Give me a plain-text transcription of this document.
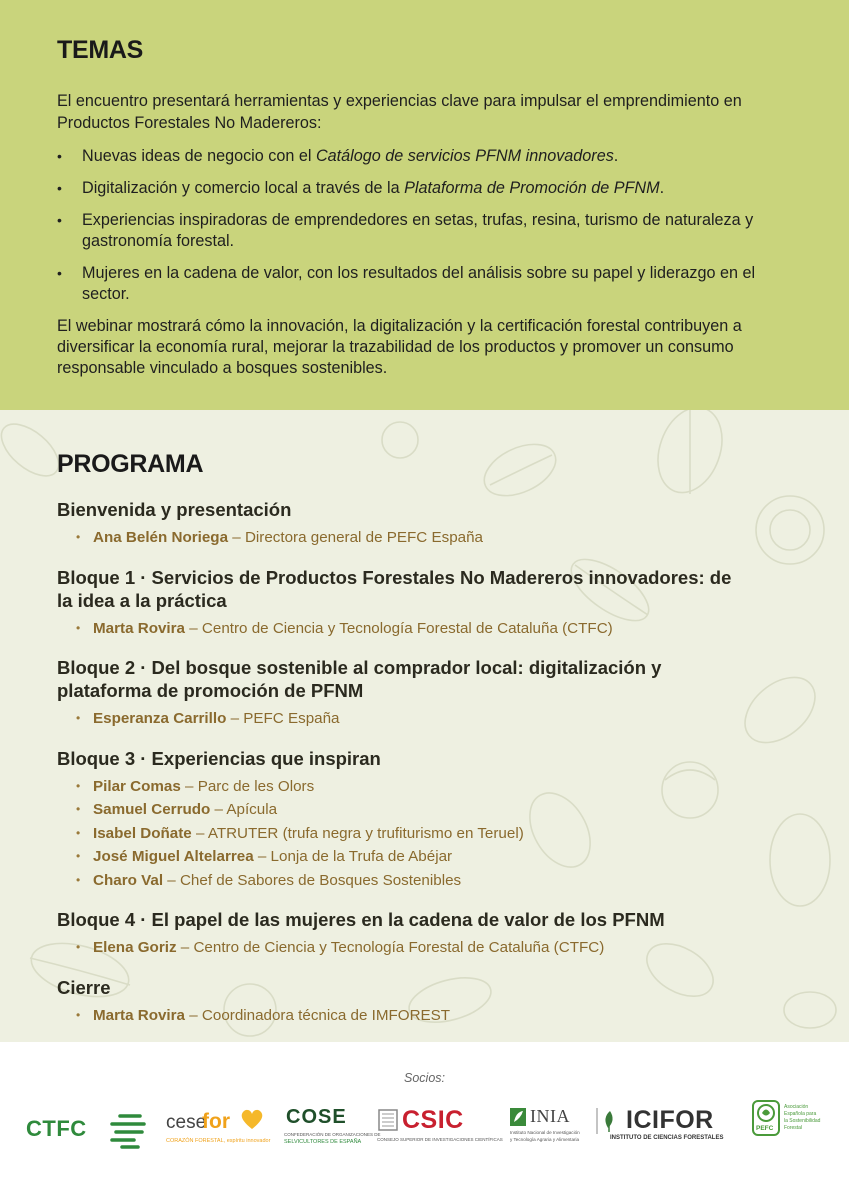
TEMAS

El encuentro presentará herramientas y experiencias clave para impulsar el emprendimiento en Productos Forestales No Madereros:

• Nuevas ideas de negocio con el Catálogo de servicios PFNM innovadores.
• Digitalización y comercio local a través de la Plataforma de Promoción de PFNM.
• Experiencias inspiradoras de emprendedores en setas, trufas, resina, turismo de naturaleza y gastronomía forestal.
• Mujeres en la cadena de valor, con los resultados del análisis sobre su papel y liderazgo en el sector.

El webinar mostrará cómo la innovación, la digitalización y la certificación forestal contribuyen a diversificar la economía rural, mejorar la trazabilidad de los productos y promover un consumo responsable vinculado a bosques sostenibles.

PROGRAMA
Bienvenida y presentación
• Ana Belén Noriega – Directora general de PEFC España
Bloque 1 · Servicios de Productos Forestales No Madereros innovadores: de la idea a la práctica
• Marta Rovira – Centro de Ciencia y Tecnología Forestal de Cataluña (CTFC)
Bloque 2 · Del bosque sostenible al comprador local: digitalización y plataforma de promoción de PFNM
• Esperanza Carrillo – PEFC España
Bloque 3 · Experiencias que inspiran
• Pilar Comas – Parc de les Olors
• Samuel Cerrudo – Apícula
• Isabel Doñate – ATRUTER (trufa negra y trufiturismo en Teruel)
• José Miguel Altelarrea – Lonja de la Trufa de Abéjar
• Charo Val – Chef de Sabores de Bosques Sostenibles
Bloque 4 · El papel de las mujeres en la cadena de valor de los PFNM
• Elena Goriz – Centro de Ciencia y Tecnología Forestal de Cataluña (CTFC)
Cierre
• Marta Rovira – Coordinadora técnica de IMFOREST
Socios:
CTFC	cese
for
CORAZÓN FORESTAL, espíritu innovador
COSE
CONFEDERACIÓN DE ORGANIZACIONES DE
SELVICULTORES DE ESPAÑA
CSIC
CONSEJO SUPERIOR DE INVESTIGACIONES CIENTÍFICAS
INIA
Instituto Nacional de Investigación
y Tecnología Agraria y Alimentaria
ICIFOR
INSTITUTO DE CIENCIAS FORESTALES
PEFC
Asociación
Española para
la Sostenibilidad
Forestal
